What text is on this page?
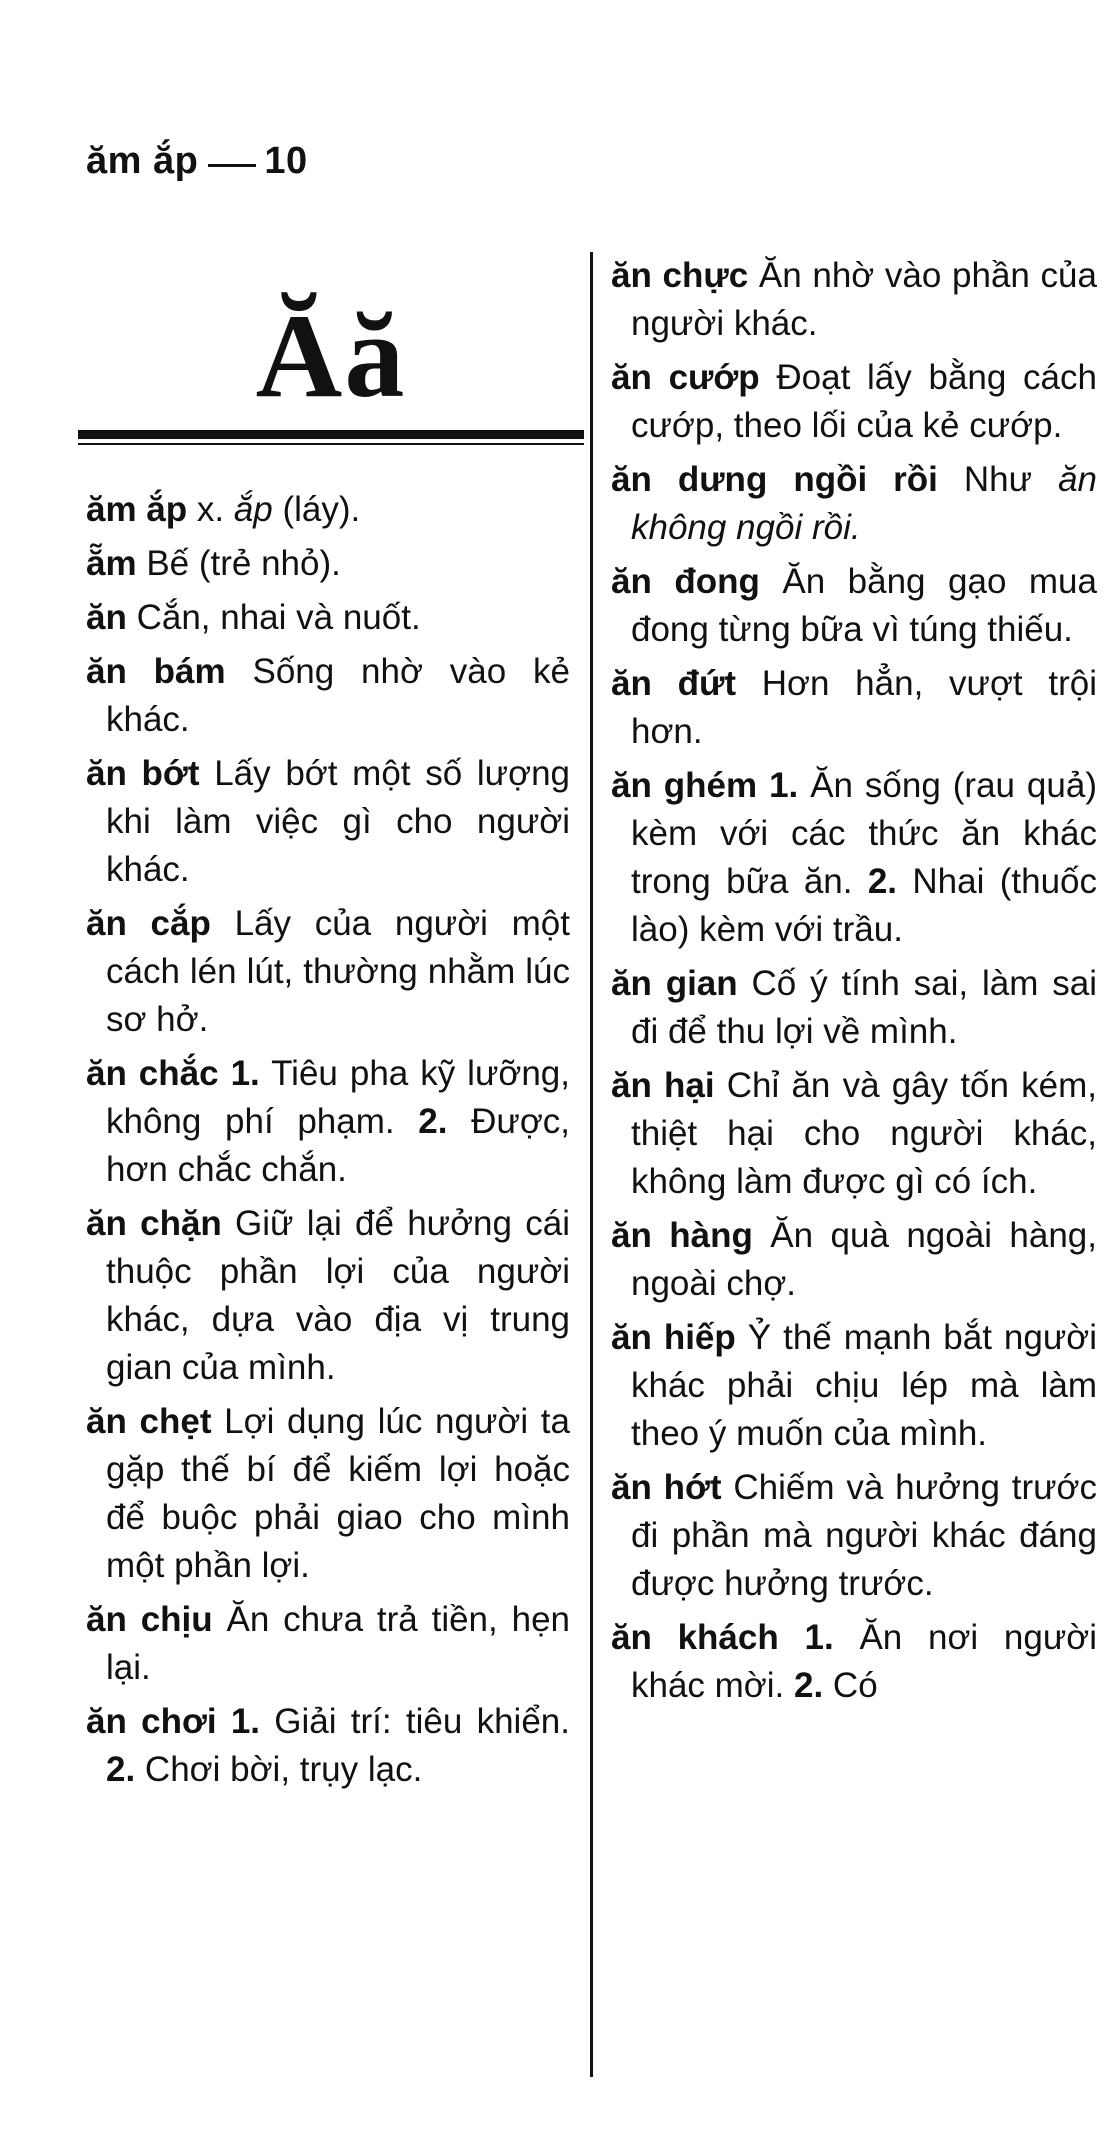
ăm ắp 10
Ăă
ăm ắp x. ắp (láy).
ẵm Bế (trẻ nhỏ).
ăn Cắn, nhai và nuốt.
ăn bám Sống nhờ vào kẻ khác.
ăn bớt Lấy bớt một số lượng khi làm việc gì cho người khác.
ăn cắp Lấy của người một cách lén lút, thường nhằm lúc sơ hở.
ăn chắc 1. Tiêu pha kỹ lưỡng, không phí phạm. 2. Được, hơn chắc chắn.
ăn chặn Giữ lại để hưởng cái thuộc phần lợi của người khác, dựa vào địa vị trung gian của mình.
ăn chẹt Lợi dụng lúc người ta gặp thế bí để kiếm lợi hoặc để buộc phải giao cho mình một phần lợi.
ăn chịu Ăn chưa trả tiền, hẹn lại.
ăn chơi 1. Giải trí: tiêu khiển. 2. Chơi bời, trụy lạc.
ăn chực Ăn nhờ vào phần của người khác.
ăn cướp Đoạt lấy bằng cách cướp, theo lối của kẻ cướp.
ăn dưng ngồi rồi Như ăn không ngồi rồi.
ăn đong Ăn bằng gạo mua đong từng bữa vì túng thiếu.
ăn đứt Hơn hẳn, vượt trội hơn.
ăn ghém 1. Ăn sống (rau quả) kèm với các thức ăn khác trong bữa ăn. 2. Nhai (thuốc lào) kèm với trầu.
ăn gian Cố ý tính sai, làm sai đi để thu lợi về mình.
ăn hại Chỉ ăn và gây tốn kém, thiệt hại cho người khác, không làm được gì có ích.
ăn hàng Ăn quà ngoài hàng, ngoài chợ.
ăn hiếp Ỷ thế mạnh bắt người khác phải chịu lép mà làm theo ý muốn của mình.
ăn hớt Chiếm và hưởng trước đi phần mà người khác đáng được hưởng trước.
ăn khách 1. Ăn nơi người khác mời. 2. Có
